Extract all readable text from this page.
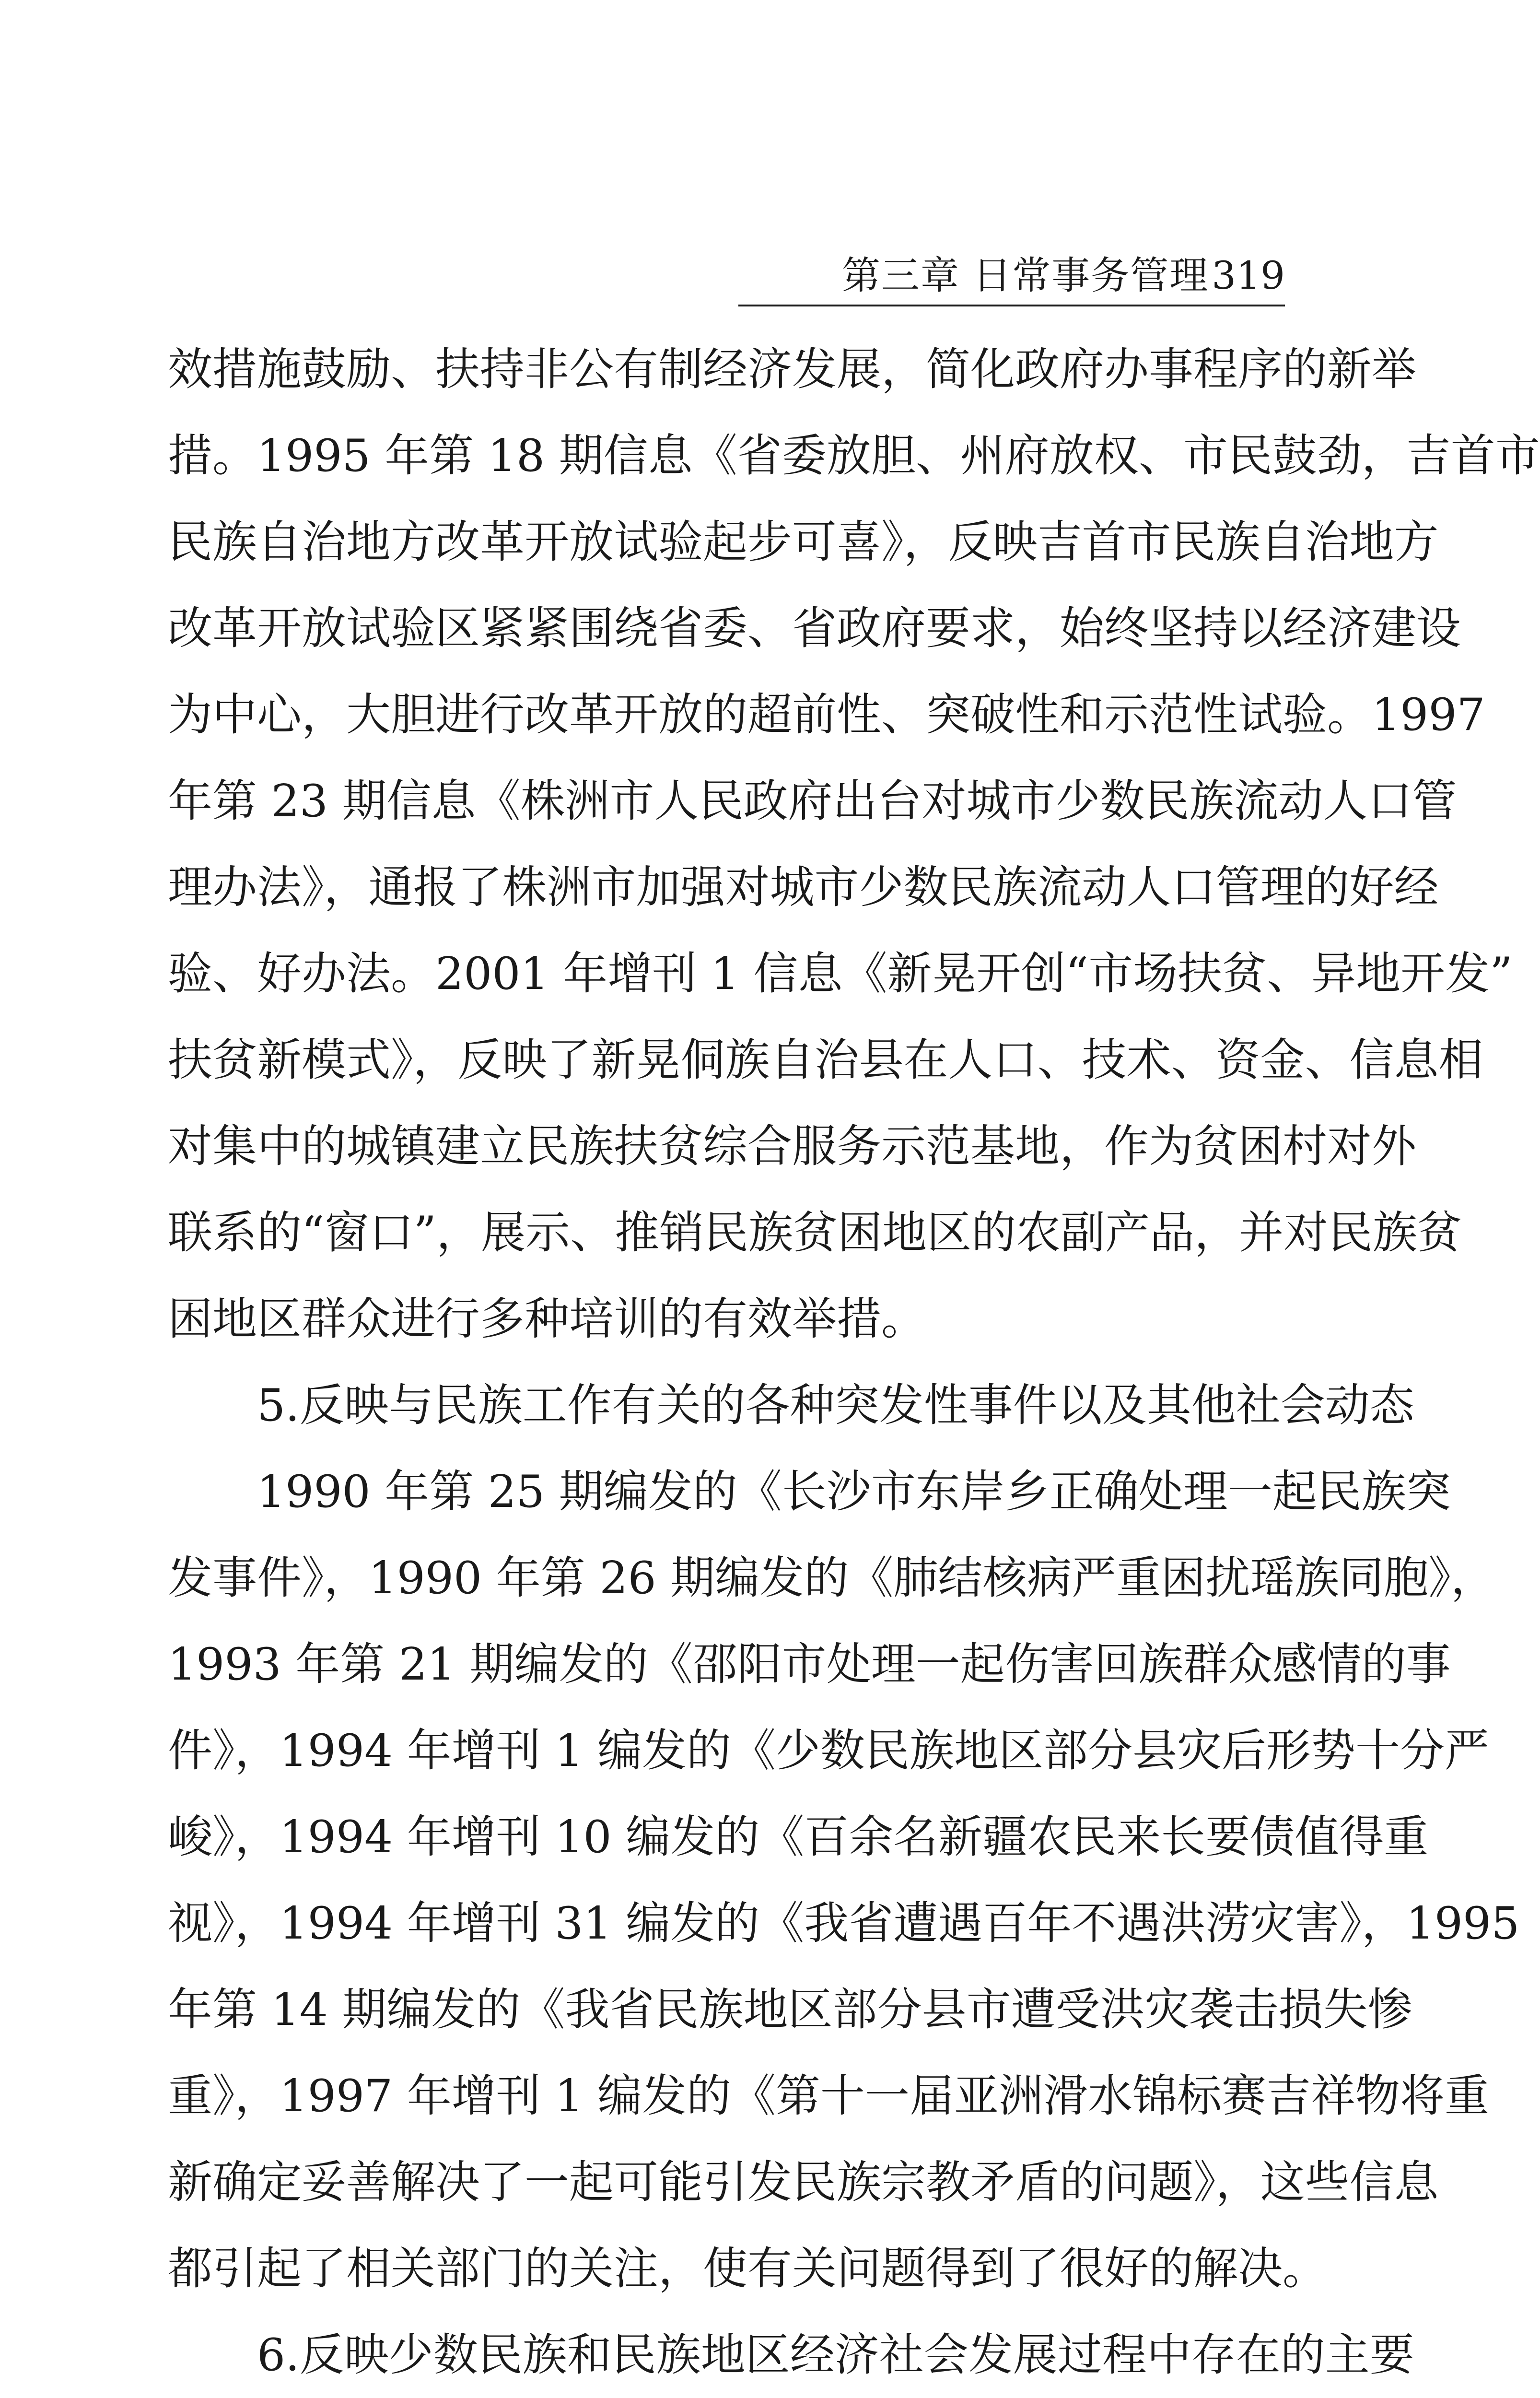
第三章 日常事务管理319
效措施鼓励、扶持非公有制经济发展，简化政府办事程序的新举
措。1995 年第 18 期信息《省委放胆、州府放权、市民鼓劲，吉首市
民族自治地方改革开放试验起步可喜》，反映吉首市民族自治地方
改革开放试验区紧紧围绕省委、省政府要求，始终坚持以经济建设
为中心，大胆进行改革开放的超前性、突破性和示范性试验。1997
年第 23 期信息《株洲市人民政府出台对城市少数民族流动人口管
理办法》，通报了株洲市加强对城市少数民族流动人口管理的好经
验、好办法。2001 年增刊 1 信息《新晃开创“市场扶贫、异地开发”
扶贫新模式》，反映了新晃侗族自治县在人口、技术、资金、信息相
对集中的城镇建立民族扶贫综合服务示范基地，作为贫困村对外
联系的“窗口”，展示、推销民族贫困地区的农副产品，并对民族贫
困地区群众进行多种培训的有效举措。
　　5.反映与民族工作有关的各种突发性事件以及其他社会动态
　　1990 年第 25 期编发的《长沙市东岸乡正确处理一起民族突
发事件》，1990 年第 26 期编发的《肺结核病严重困扰瑶族同胞》，
1993 年第 21 期编发的《邵阳市处理一起伤害回族群众感情的事
件》，1994 年增刊 1 编发的《少数民族地区部分县灾后形势十分严
峻》，1994 年增刊 10 编发的《百余名新疆农民来长要债值得重
视》，1994 年增刊 31 编发的《我省遭遇百年不遇洪涝灾害》，1995
年第 14 期编发的《我省民族地区部分县市遭受洪灾袭击损失惨
重》，1997 年增刊 1 编发的《第十一届亚洲滑水锦标赛吉祥物将重
新确定妥善解决了一起可能引发民族宗教矛盾的问题》，这些信息
都引起了相关部门的关注，使有关问题得到了很好的解决。
　　6.反映少数民族和民族地区经济社会发展过程中存在的主要
